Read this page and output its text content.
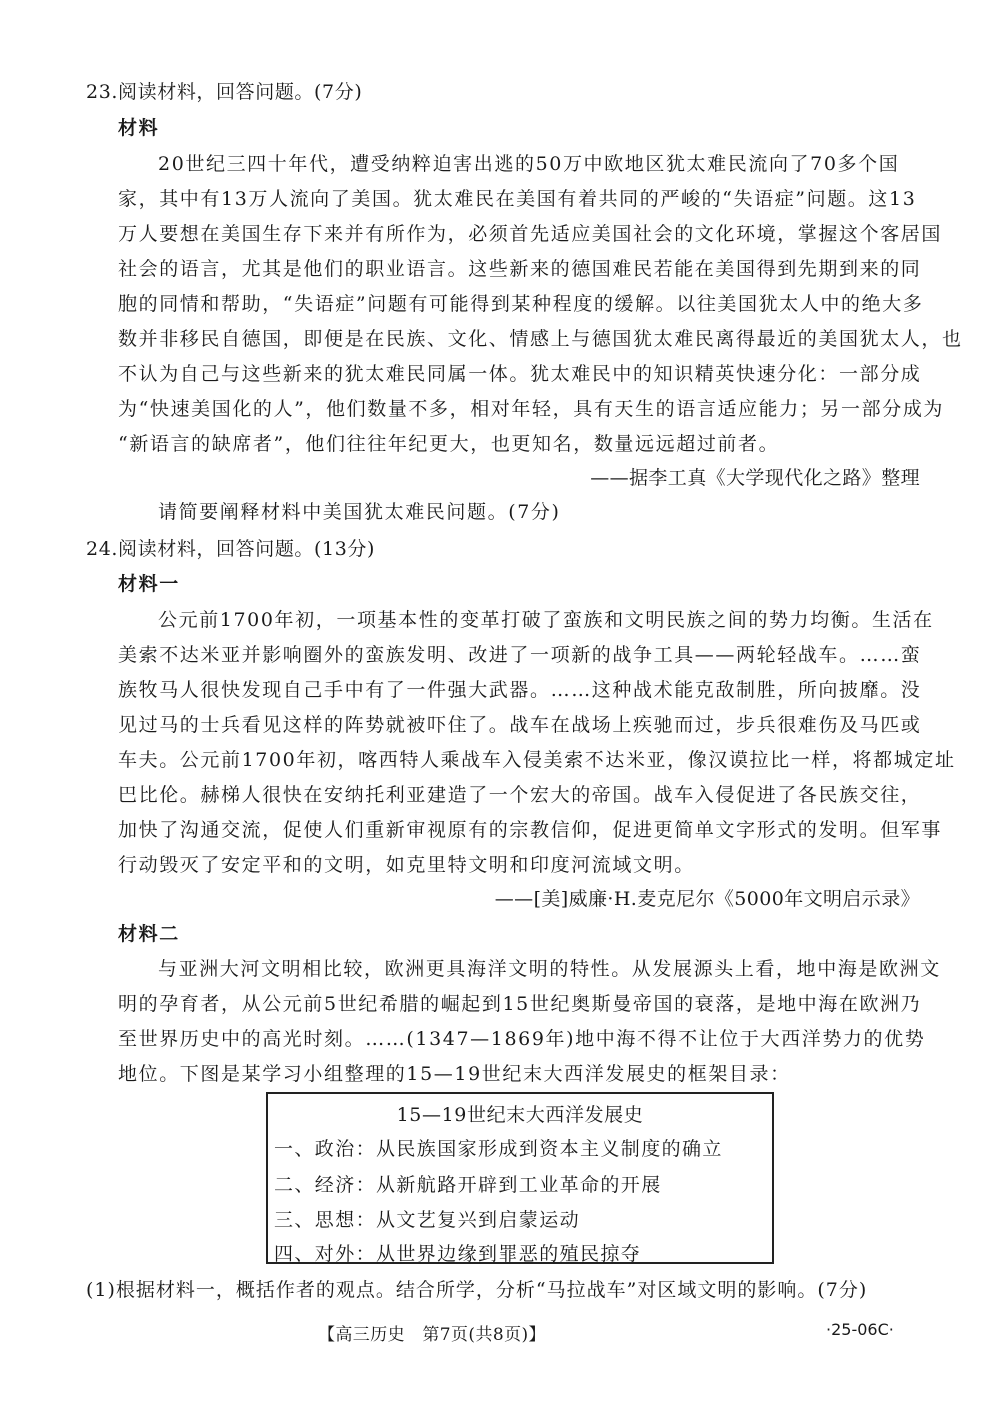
23.阅读材料，回答问题。(7分)
材料
20世纪三四十年代，遭受纳粹迫害出逃的50万中欧地区犹太难民流向了70多个国
家，其中有13万人流向了美国。犹太难民在美国有着共同的严峻的“失语症”问题。这13
万人要想在美国生存下来并有所作为，必须首先适应美国社会的文化环境，掌握这个客居国
社会的语言，尤其是他们的职业语言。这些新来的德国难民若能在美国得到先期到来的同
胞的同情和帮助，“失语症”问题有可能得到某种程度的缓解。以往美国犹太人中的绝大多
数并非移民自德国，即便是在民族、文化、情感上与德国犹太难民离得最近的美国犹太人，也
不认为自己与这些新来的犹太难民同属一体。犹太难民中的知识精英快速分化：一部分成
为“快速美国化的人”，他们数量不多，相对年轻，具有天生的语言适应能力；另一部分成为
“新语言的缺席者”，他们往往年纪更大，也更知名，数量远远超过前者。
——据李工真《大学现代化之路》整理
请简要阐释材料中美国犹太难民问题。(7分)
24.阅读材料，回答问题。(13分)
材料一
公元前1700年初，一项基本性的变革打破了蛮族和文明民族之间的势力均衡。生活在
美索不达米亚并影响圈外的蛮族发明、改进了一项新的战争工具——两轮轻战车。……蛮
族牧马人很快发现自己手中有了一件强大武器。……这种战术能克敌制胜，所向披靡。没
见过马的士兵看见这样的阵势就被吓住了。战车在战场上疾驰而过，步兵很难伤及马匹或
车夫。公元前1700年初，喀西特人乘战车入侵美索不达米亚，像汉谟拉比一样，将都城定址
巴比伦。赫梯人很快在安纳托利亚建造了一个宏大的帝国。战车入侵促进了各民族交往，
加快了沟通交流，促使人们重新审视原有的宗教信仰，促进更简单文字形式的发明。但军事
行动毁灭了安定平和的文明，如克里特文明和印度河流域文明。
——[美]威廉·H.麦克尼尔《5000年文明启示录》
材料二
与亚洲大河文明相比较，欧洲更具海洋文明的特性。从发展源头上看，地中海是欧洲文
明的孕育者，从公元前5世纪希腊的崛起到15世纪奥斯曼帝国的衰落，是地中海在欧洲乃
至世界历史中的高光时刻。……(1347—1869年)地中海不得不让位于大西洋势力的优势
地位。下图是某学习小组整理的15—19世纪末大西洋发展史的框架目录：
15—19世纪末大西洋发展史
一、政治：从民族国家形成到资本主义制度的确立
二、经济：从新航路开辟到工业革命的开展
三、思想：从文艺复兴到启蒙运动
四、对外：从世界边缘到罪恶的殖民掠夺
(1)根据材料一，概括作者的观点。结合所学，分析“马拉战车”对区域文明的影响。(7分)
【高三历史　第7页(共8页)】	·25-06C·
